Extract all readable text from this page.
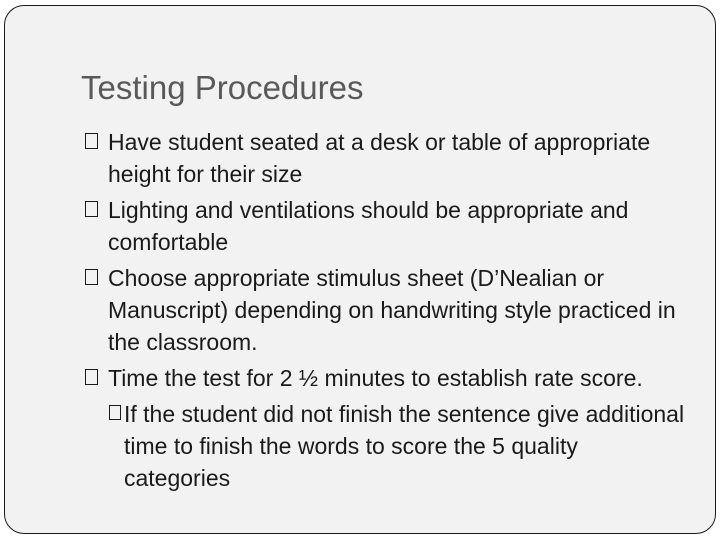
Testing Procedures
Have student seated at a desk or table of appropriate height for their size
Lighting and ventilations should be appropriate and comfortable
Choose appropriate stimulus sheet (D’Nealian or Manuscript) depending on handwriting style practiced in the classroom.
Time the test for 2 ½ minutes to establish rate score.
If the student did not finish the sentence give additional time to finish the words to score the 5 quality categories
